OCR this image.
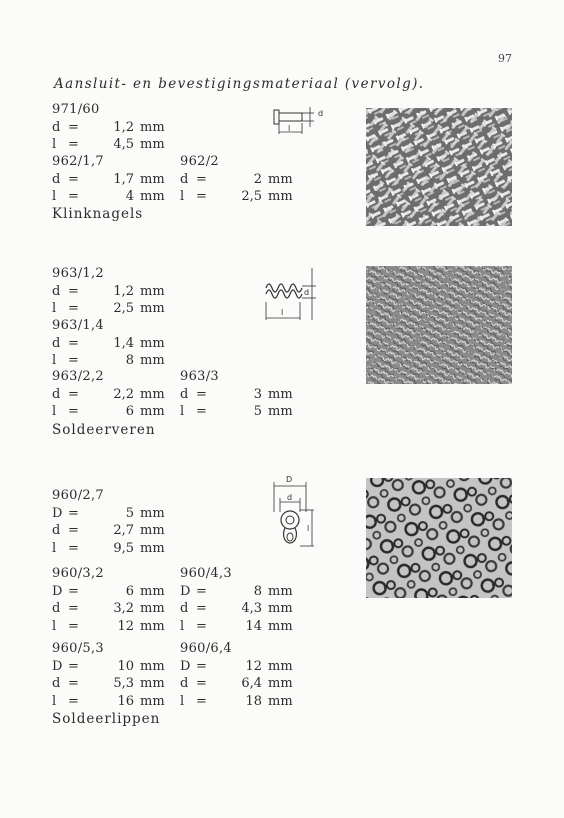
97
Aansluit- en bevestigingsmateriaal (vervolg).
971/60
d =	1,2 mm
l =	4,5 mm
962/1,7
d =	1,7 mm
l =	4 mm
962/2
d =	2 mm
l =	2,5 mm
Klinknagels
d
l
963/1,2
d =	1,2 mm
l =	2,5 mm
963/1,4
d =	1,4 mm
l =	8 mm
963/2,2
d =	2,2 mm
l =	6 mm
963/3
d =	3 mm
l =	5 mm
Soldeerveren
d
l
960/2,7
D =	5 mm
d =	2,7 mm
l =	9,5 mm
960/3,2
D =	6 mm
d =	3,2 mm
l =	12 mm
960/4,3
D =	8 mm
d =	4,3 mm
l =	14 mm
960/5,3
D =	10 mm
d =	5,3 mm
l =	16 mm
960/6,4
D =	12 mm
d =	6,4 mm
l =	18 mm
Soldeerlippen
D
d
l
